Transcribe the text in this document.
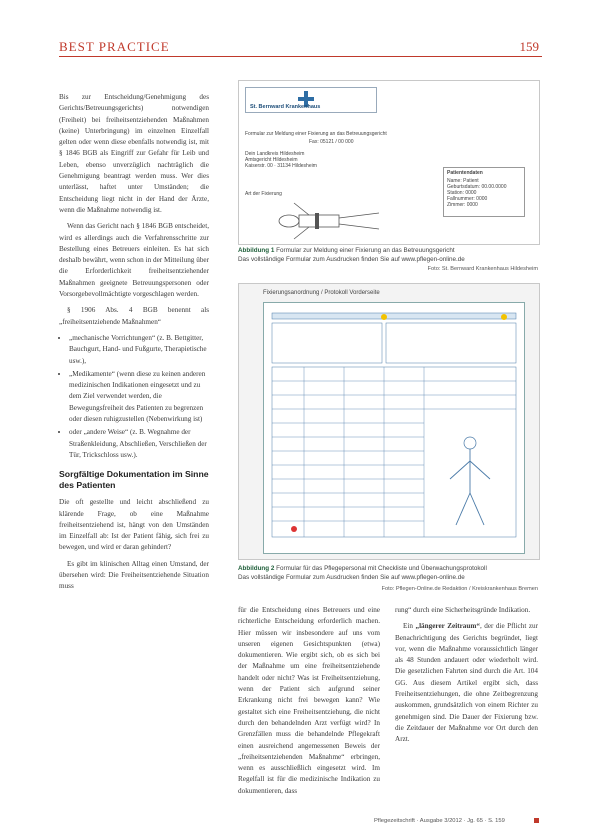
BEST PRACTICE	159

Bis zur Entscheidung/Genehmigung des Gerichts/Betreuungsgerichts) notwendigen (Freiheit) bei freiheitsentziehenden Maßnahmen (keine) Unterbringung) im einzelnen Einzelfall gelten oder wenn diese ebenfalls notwendig ist, mit § 1846 BGB als Eingriff zur Gefahr für Leib und Leben, ebenso unverzüglich nachträglich die Genehmigung beantragt werden muss. Wer dies unterlässt, haftet unter Umständen; die Entscheidung liegt nicht in der Hand der Ärzte, wenn die Maßnahme notwendig ist.

Wenn das Gericht nach § 1846 BGB entscheidet, wird es allerdings auch die Verfahrensschritte zur Bestellung eines Betreuers einleiten. Es hat sich deshalb bewährt, wenn schon in der Mitteilung über die Erforderlichkeit freiheitsentziehender Maßnahmen geeignete Betreuungspersonen oder Vorsorgebevollmächtigte vorgeschlagen werden.

§ 1906 Abs. 4 BGB benennt als „freiheitsentziehende Maßnahmen“

• „mechanische Vorrichtungen“ (z. B. Bettgitter, Bauchgurt, Hand- und Fußgurte, Therapietische usw.),
• „Medikamente“ (wenn diese zu keinen anderen medizinischen Indikationen eingesetzt und zu dem Ziel verwendet werden, die Bewegungsfreiheit des Patienten zu begrenzen oder diesen ruhigzustellen (Nebenwirkung ist)
• oder „andere Weise“ (z. B. Wegnahme der Straßenkleidung, Abschließen, Verschließen der Tür, Trickschloss usw.).
Sorgfältige Dokumentation im Sinne des Patienten

Die oft gestellte und leicht abschließend zu klärende Frage, ob eine Maßnahme freiheitsentziehend ist, hängt von den Umständen im Einzelfall ab: Ist der Patient fähig, sich frei zu bewegen, und wird er daran gehindert?

Es gibt im klinischen Alltag einen Umstand, der übersehen wird: Die Freiheitsentziehende Situation muss

St. Bernward Krankenhaus
Formular zur Meldung einer Fixierung an das Betreuungsgericht
Fax: 05121 / 00 000
Dein Landkreis Hildesheim
Amtsgericht Hildesheim
Kaiserstr. 00 · 31134 Hildesheim
Patientendaten
Name: Patient
Geburtsdatum: 00.00.0000
Station: 0000
Fallnummer: 0000
Zimmer: 0000
Art der Fixierung
Abbildung 1 Formular zur Meldung einer Fixierung an das Betreuungsgericht
Das vollständige Formular zum Ausdrucken finden Sie auf www.pflegen-online.de
Foto: St. Bernward Krankenhaus Hildesheim
Fixierungsanordnung / Protokoll Vorderseite
Abbildung 2 Formular für das Pflegepersonal mit Checkliste und Überwachungsprotokoll
Das vollständige Formular zum Ausdrucken finden Sie auf www.pflegen-online.de
Foto: Pflegen-Online.de Redaktion / Kreiskrankenhaus Bremen

für die Entscheidung eines Betreuers und eine richterliche Entscheidung erforderlich machen. Hier müssen wir insbesondere auf uns vom unseren eigenen Gesichtspunkten (etwa) dokumentieren. Wie ergibt sich, ob es sich bei der Maßnahme um eine freiheitsentziehende handelt oder nicht? Was ist Freiheitsentziehung, wenn der Patient sich aufgrund seiner Erkrankung nicht frei bewegen kann? Wie gestaltet sich eine Freiheitsentziehung, die nicht durch den behandelnden Arzt verfügt wird? In Grenzfällen muss die behandelnde Pflegekraft einen ausreichend angemessenen Beweis der „freiheitsentziehenden Maßnahme“ erbringen, wenn es ausschließlich eingesetzt wird. Im Regelfall ist für die medizinische Indikation zu dokumentieren, dass

rung“ durch eine Sicherheitsgründe Indikation.

Ein „längerer Zeitraum“, der die Pflicht zur Benachrichtigung des Gerichts begründet, liegt vor, wenn die Maßnahme voraussichtlich länger als 48 Stunden andauert oder wiederholt wird. Die gesetzlichen Fahrten sind durch die Art. 104 GG. Aus diesem Artikel ergibt sich, dass Freiheitsentziehungen, die ohne Zeitbegrenzung auskommen, grundsätzlich von einem Richter zu genehmigen sind. Die Dauer der Fixierung bzw. die Zeitdauer der Maßnahme vor Ort durch den Arzt.

Pflegezeitschrift · Ausgabe 3/2012 · Jg. 65 · S. 159
